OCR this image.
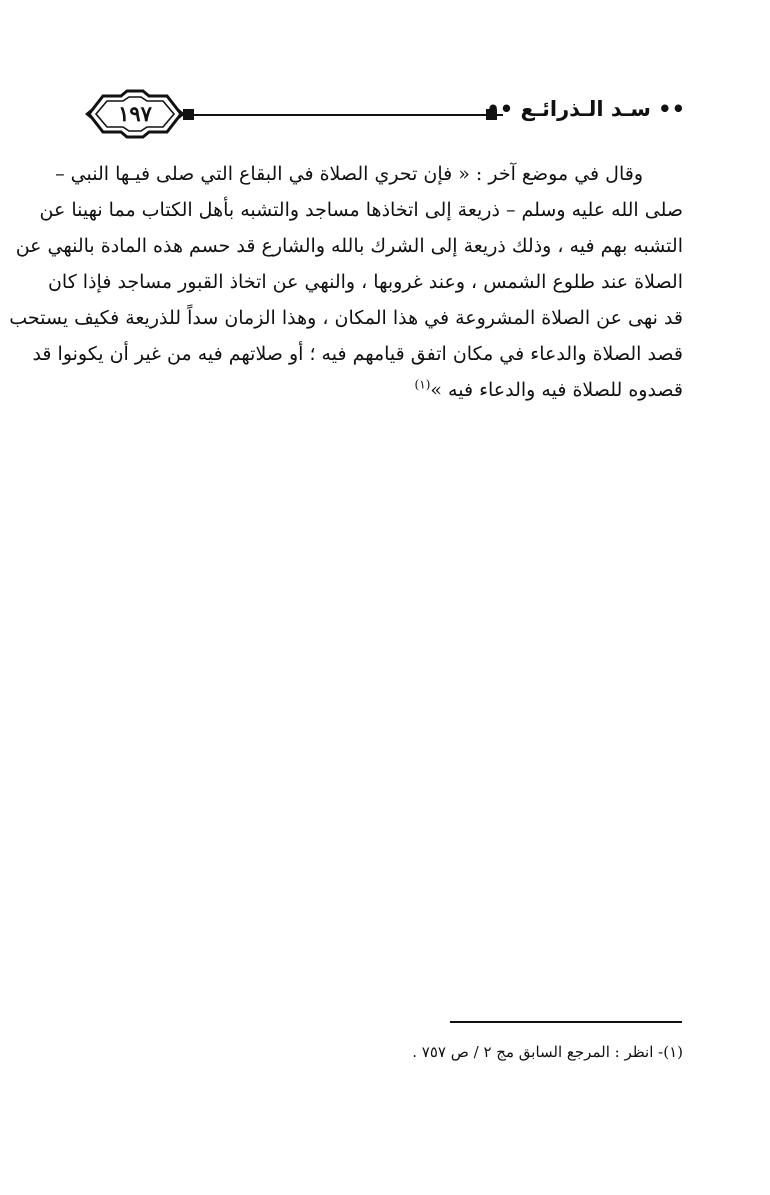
١٩٧	•• سـد الـذرائـع ••
وقال في موضع آخر : « فإن تحري الصلاة في البقاع التي صلى فيـها النبي –
صلى الله عليه وسلم – ذريعة إلى اتخاذها مساجد والتشبه بأهل الكتاب مما نهينا عن
التشبه بهم فيه ، وذلك ذريعة إلى الشرك بالله والشارع قد حسم هذه المادة بالنهي عن
الصلاة عند طلوع الشمس ، وعند غروبها ، والنهي عن اتخاذ القبور مساجد فإذا كان
قد نهى عن الصلاة المشروعة في هذا المكان ، وهذا الزمان سداً للذريعة فكيف يستحب
قصد الصلاة والدعاء في مكان اتفق قيامهم فيه ؛ أو صلاتهم فيه من غير أن يكونوا قد
قصدوه للصلاة فيه والدعاء فيه »$^{(١)}$
(١)- انظر : المرجع السابق مج ٢ / ص ٧٥٧ .
